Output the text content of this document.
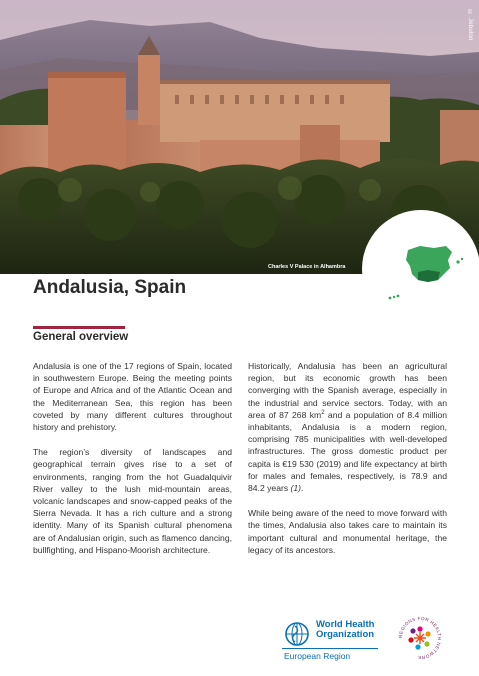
© Jebulon
Charles V Palace in Alhambra
Andalusia, Spain
General overview

Andalusia is one of the 17 regions of Spain, located in southwestern Europe. Being the meeting points of Europe and Africa and of the Atlantic Ocean and the Mediterranean Sea, this region has been coveted by many different cultures throughout history and prehistory.

The region’s diversity of landscapes and geographical terrain gives rise to a set of environments, ranging from the hot Guadalquivir River valley to the lush mid-mountain areas, volcanic landscapes and snow-capped peaks of the Sierra Nevada. It has a rich culture and a strong identity. Many of its Spanish cultural phenomena are of Andalusian origin, such as flamenco dancing, bullfighting, and Hispano-Moorish architecture.

Historically, Andalusia has been an agricultural region, but its economic growth has been converging with the Spanish average, especially in the industrial and service sectors. Today, with an area of 87 268 $km^2$ and a population of 8.4 million inhabitants, Andalusia is a modern region, comprising 785 municipalities with well-developed infrastructures. The gross domestic product per capita is €19 530 (2019) and life expectancy at birth for males and females, respectively, is 78.9 and 84.2 years (1).

While being aware of the need to move forward with the times, Andalusia also takes care to maintain its important cultural and monumental heritage, the legacy of its ancestors.

World Health
Organization
European Region
REGIONS FOR HEALTH NETWORK
